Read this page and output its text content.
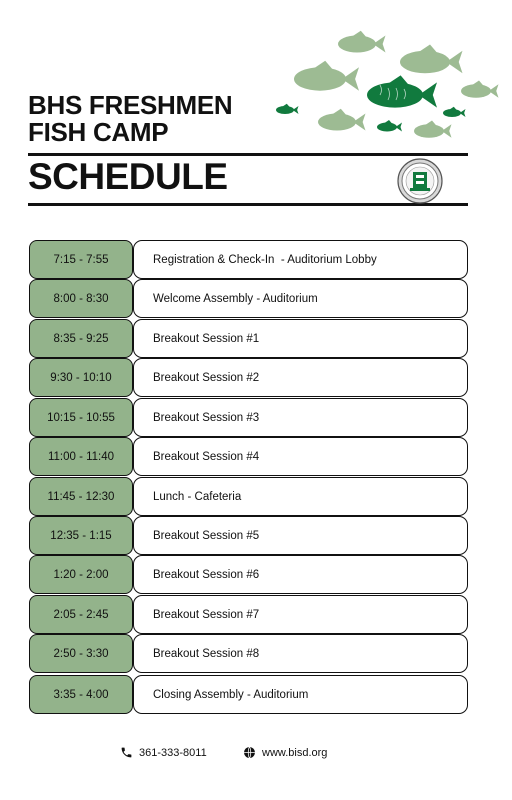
BHS FRESHMEN
FISH CAMP
SCHEDULE
7:15 - 7:55	Registration & Check-In  - Auditorium Lobby
8:00 - 8:30	Welcome Assembly - Auditorium
8:35 - 9:25	Breakout Session #1
9:30 - 10:10	Breakout Session #2
10:15 - 10:55	Breakout Session #3
11:00 - 11:40	Breakout Session #4
11:45 - 12:30	Lunch - Cafeteria
12:35 - 1:15	Breakout Session #5
1:20 - 2:00	Breakout Session #6
2:05 - 2:45	Breakout Session #7
2:50 - 3:30	Breakout Session #8
3:35 - 4:00	Closing Assembly - Auditorium
361-333-8011	www.bisd.org
